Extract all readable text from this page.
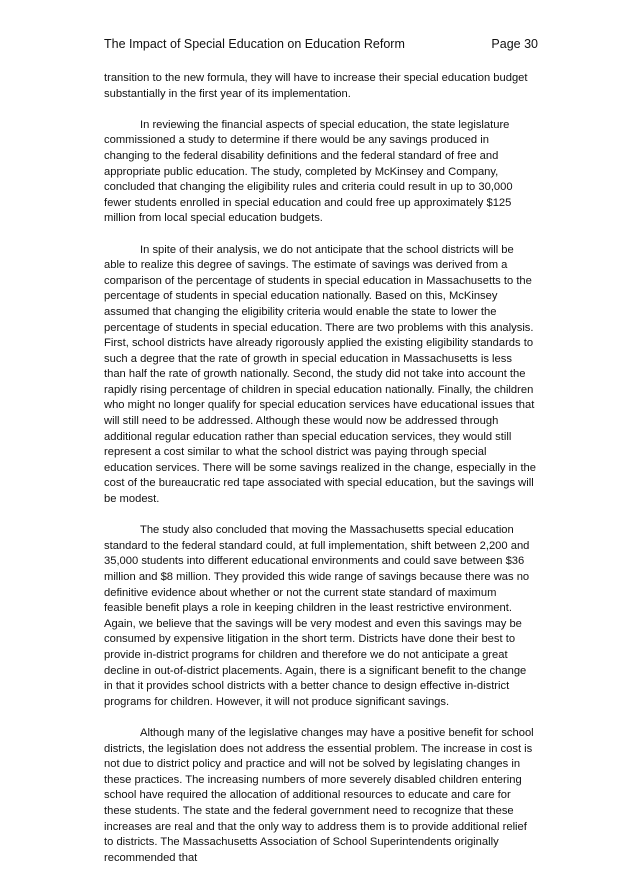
The Impact of Special Education on Education Reform	Page 30

transition to the new formula, they will have to increase their special education budget substantially in the first year of its implementation.

In reviewing the financial aspects of special education, the state legislature commissioned a study to determine if there would be any savings produced in changing to the federal disability definitions and the federal standard of free and appropriate public education. The study, completed by McKinsey and Company, concluded that changing the eligibility rules and criteria could result in up to 30,000 fewer students enrolled in special education and could free up approximately $125 million from local special education budgets.

In spite of their analysis, we do not anticipate that the school districts will be able to realize this degree of savings. The estimate of savings was derived from a comparison of the percentage of students in special education in Massachusetts to the percentage of students in special education nationally. Based on this, McKinsey assumed that changing the eligibility criteria would enable the state to lower the percentage of students in special education. There are two problems with this analysis. First, school districts have already rigorously applied the existing eligibility standards to such a degree that the rate of growth in special education in Massachusetts is less than half the rate of growth nationally. Second, the study did not take into account the rapidly rising percentage of children in special education nationally. Finally, the children who might no longer qualify for special education services have educational issues that will still need to be addressed. Although these would now be addressed through additional regular education rather than special education services, they would still represent a cost similar to what the school district was paying through special education services. There will be some savings realized in the change, especially in the cost of the bureaucratic red tape associated with special education, but the savings will be modest.

The study also concluded that moving the Massachusetts special education standard to the federal standard could, at full implementation, shift between 2,200 and 35,000 students into different educational environments and could save between $36 million and $8 million. They provided this wide range of savings because there was no definitive evidence about whether or not the current state standard of maximum feasible benefit plays a role in keeping children in the least restrictive environment. Again, we believe that the savings will be very modest and even this savings may be consumed by expensive litigation in the short term. Districts have done their best to provide in-district programs for children and therefore we do not anticipate a great decline in out-of-district placements. Again, there is a significant benefit to the change in that it provides school districts with a better chance to design effective in-district programs for children. However, it will not produce significant savings.

Although many of the legislative changes may have a positive benefit for school districts, the legislation does not address the essential problem. The increase in cost is not due to district policy and practice and will not be solved by legislating changes in these practices. The increasing numbers of more severely disabled children entering school have required the allocation of additional resources to educate and care for these students. The state and the federal government need to recognize that these increases are real and that the only way to address them is to provide additional relief to districts. The Massachusetts Association of School Superintendents originally recommended that
